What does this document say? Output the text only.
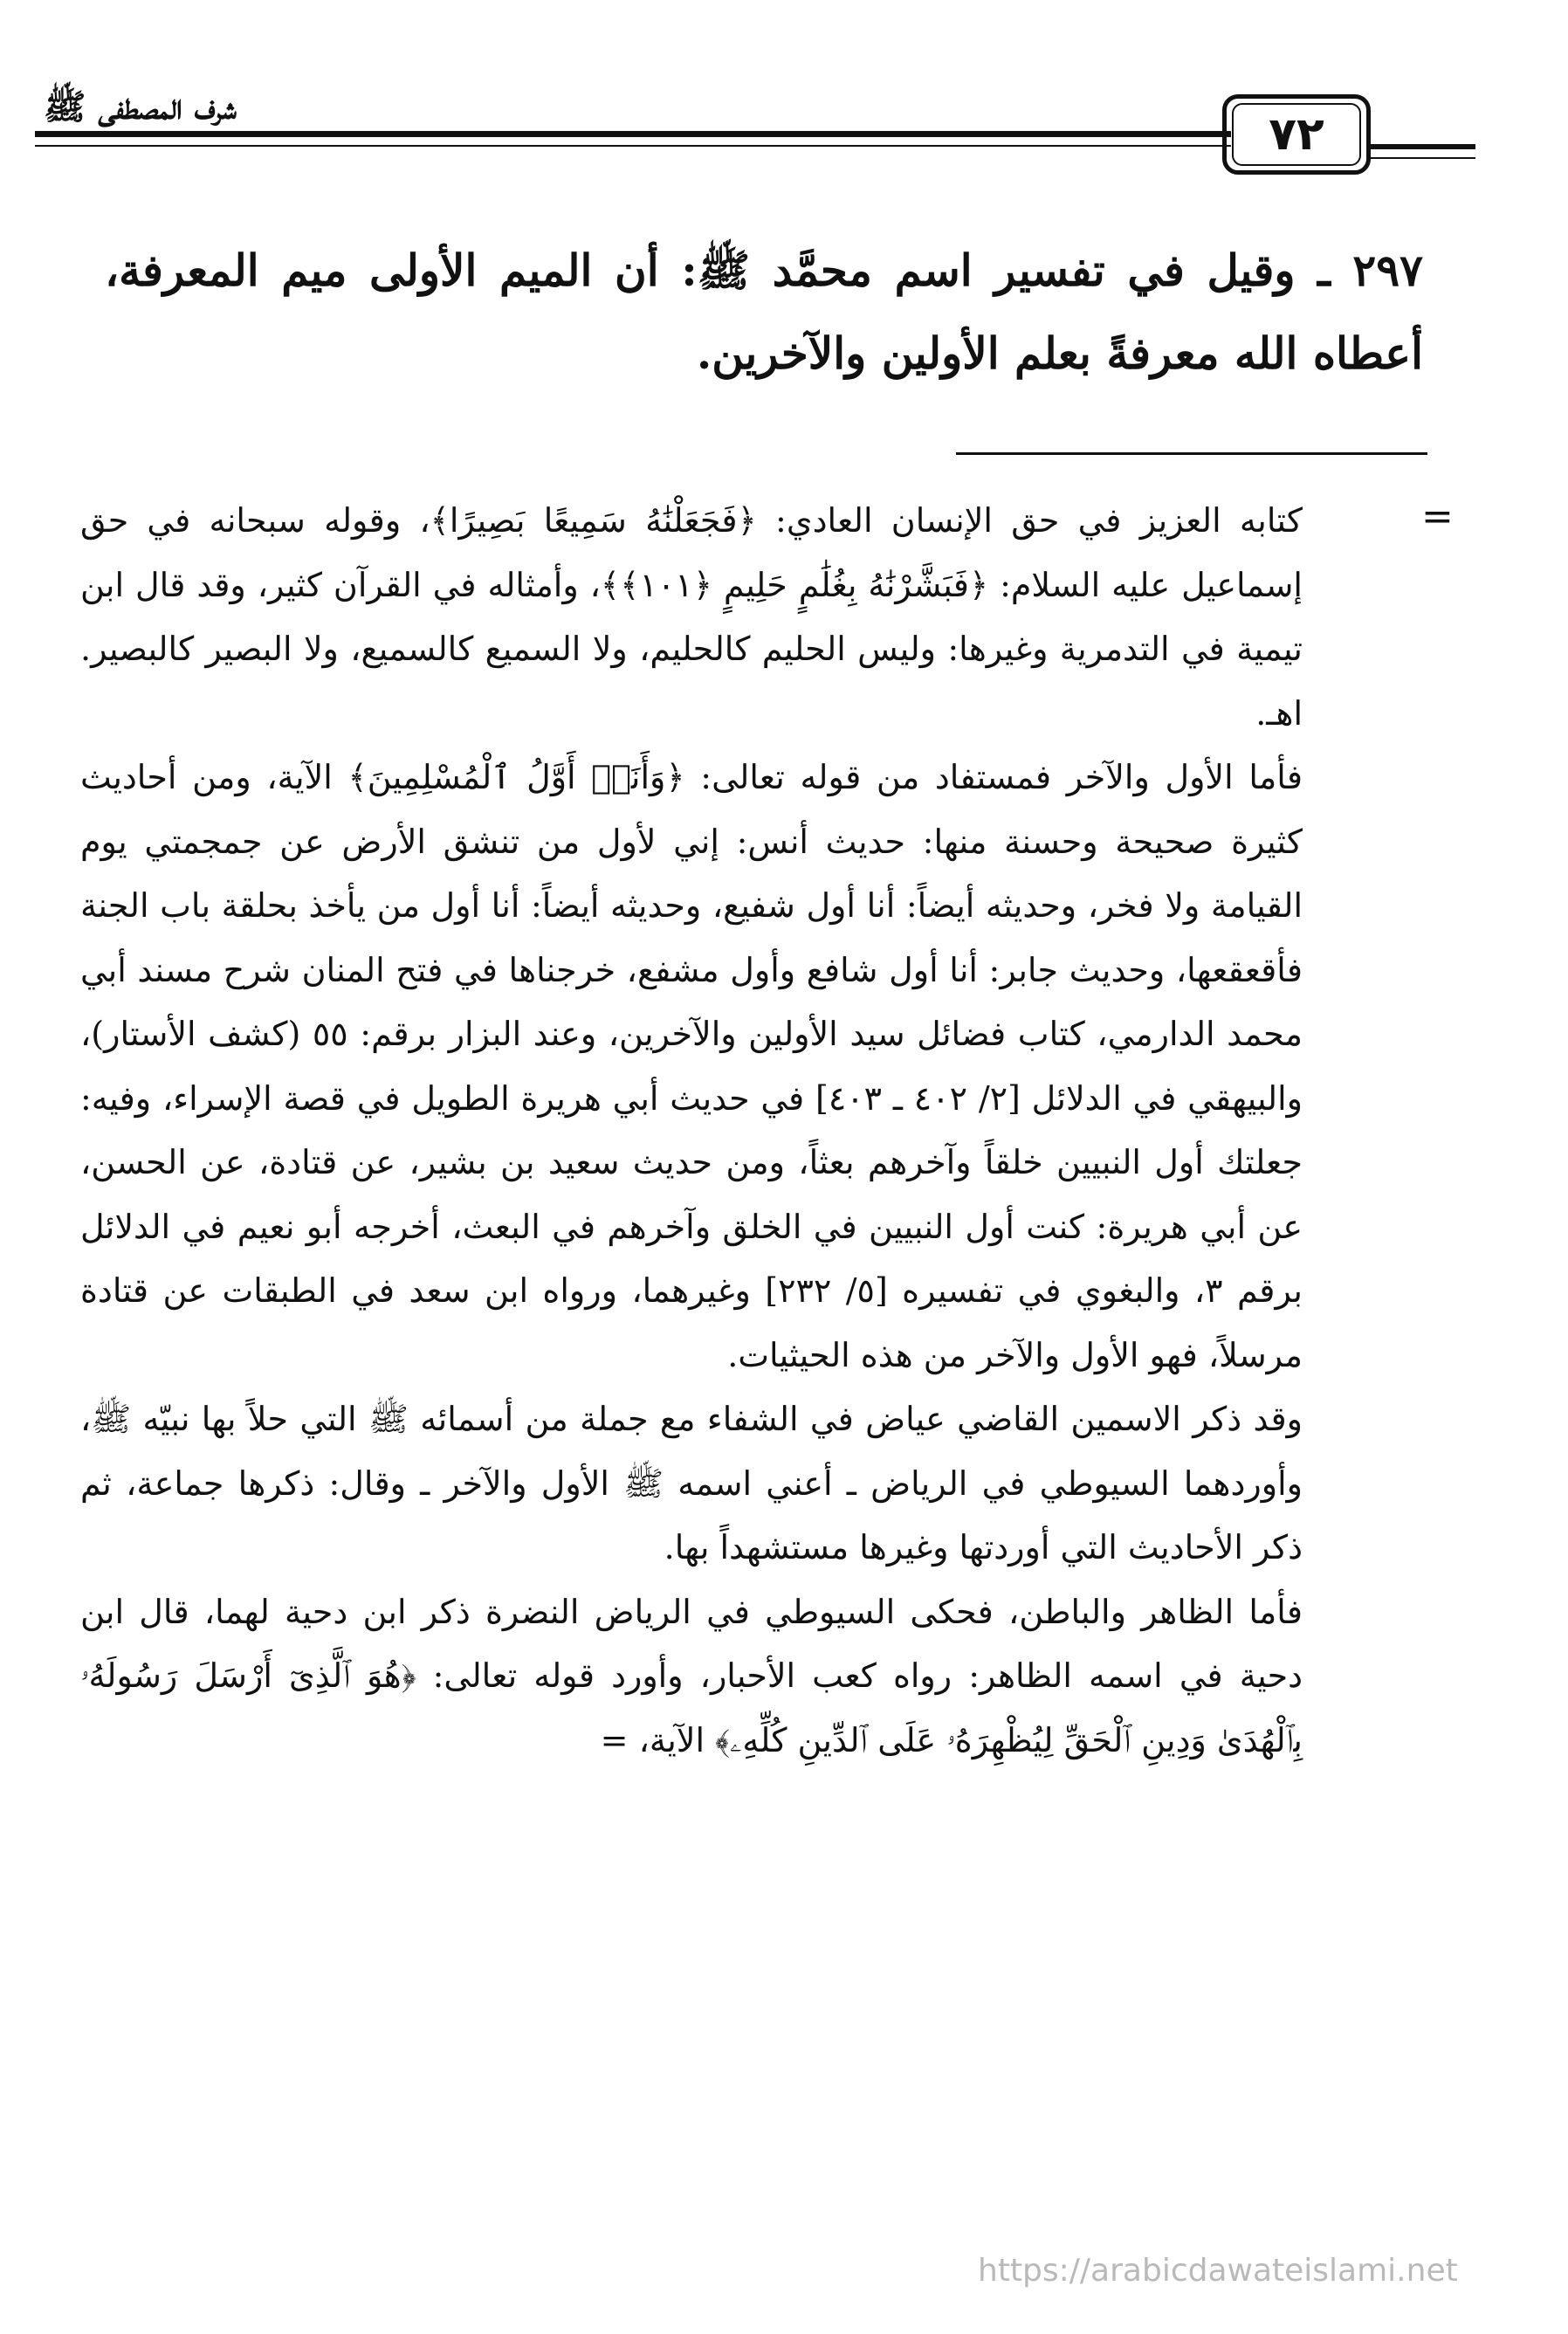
شرف المصطفى ﷺ
٧٢
٢٩٧ ـ وقيل في تفسير اسم محمَّد ﷺ: أن الميم الأولى ميم المعرفة، أعطاه الله معرفةً بعلم الأولين والآخرين.
=

كتابه العزيز في حق الإنسان العادي: ﴿فَجَعَلْنَٰهُ سَمِيعًا بَصِيرًا﴾، وقوله سبحانه في حق إسماعيل عليه السلام: ﴿فَبَشَّرْنَٰهُ بِغُلَٰمٍ حَلِيمٍ ﴿١٠١﴾﴾، وأمثاله في القرآن كثير، وقد قال ابن تيمية في التدمرية وغيرها: وليس الحليم كالحليم، ولا السميع كالسميع، ولا البصير كالبصير. اهـ.

فأما الأول والآخر فمستفاد من قوله تعالى: ﴿وَأَنَا۠ أَوَّلُ ٱلْمُسْلِمِينَ﴾ الآية، ومن أحاديث كثيرة صحيحة وحسنة منها: حديث أنس: إني لأول من تنشق الأرض عن جمجمتي يوم القيامة ولا فخر، وحديثه أيضاً: أنا أول شفيع، وحديثه أيضاً: أنا أول من يأخذ بحلقة باب الجنة فأقعقعها، وحديث جابر: أنا أول شافع وأول مشفع، خرجناها في فتح المنان شرح مسند أبي محمد الدارمي، كتاب فضائل سيد الأولين والآخرين، وعند البزار برقم: ٥٥ (كشف الأستار)، والبيهقي في الدلائل [٢/ ٤٠٢ ـ ٤٠٣] في حديث أبي هريرة الطويل في قصة الإسراء، وفيه: جعلتك أول النبيين خلقاً وآخرهم بعثاً، ومن حديث سعيد بن بشير، عن قتادة، عن الحسن، عن أبي هريرة: كنت أول النبيين في الخلق وآخرهم في البعث، أخرجه أبو نعيم في الدلائل برقم ٣، والبغوي في تفسيره [٥/ ٢٣٢] وغيرهما، ورواه ابن سعد في الطبقات عن قتادة مرسلاً، فهو الأول والآخر من هذه الحيثيات.

وقد ذكر الاسمين القاضي عياض في الشفاء مع جملة من أسمائه ﷺ التي حلاً بها نبيّه ﷺ، وأوردهما السيوطي في الرياض ـ أعني اسمه ﷺ الأول والآخر ـ وقال: ذكرها جماعة، ثم ذكر الأحاديث التي أوردتها وغيرها مستشهداً بها.

فأما الظاهر والباطن، فحكى السيوطي في الرياض النضرة ذكر ابن دحية لهما، قال ابن دحية في اسمه الظاهر: رواه كعب الأحبار، وأورد قوله تعالى: ﴿هُوَ ٱلَّذِىٓ أَرْسَلَ رَسُولَهُۥ بِٱلْهُدَىٰ وَدِينِ ٱلْحَقِّ لِيُظْهِرَهُۥ عَلَى ٱلدِّينِ كُلِّهِۦ﴾ الآية، =

https://arabicdawateislami.net
